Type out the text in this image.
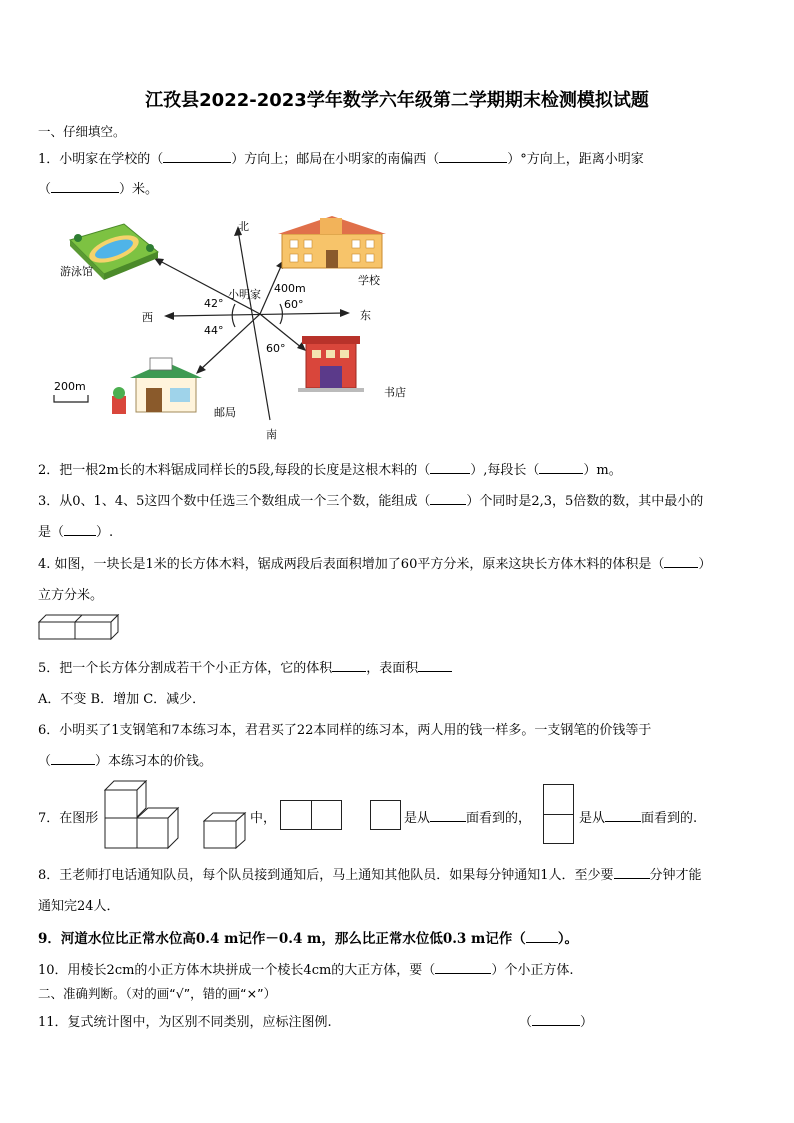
江孜县2022-2023学年数学六年级第二学期期末检测模拟试题
一、仔细填空。
1．小明家在学校的（	）方向上；邮局在小明家的南偏西（	）°方向上，距离小明家
（	）米。
北
南
东
西
小明家
游泳馆
学校
书店
邮局
400m
42°
44°
60°
60°
200m
2．把一根2m长的木料锯成同样长的5段,每段的长度是这根木料的（	）,每段长（	）m。
3．从0、1、4、5这四个数中任选三个数组成一个三个数，能组成（	）个同时是2,3，5倍数的数，其中最小的
是（ ）.
4. 如图，一块长是1米的长方体木料，锯成两段后表面积增加了60平方分米，原来这块长方体木料的体积是（	）
立方分米。
5．把一个长方体分割成若干个小正方体，它的体积	，表面积
A．不变 B．增加 C．减少．
6．小明买了1支钢笔和7本练习本，君君买了22本同样的练习本，两人用的钱一样多。一支钢笔的价钱等于
（	）本练习本的价钱。
7．在图形	中，	是从	面看到的，	是从	面看到的.
8．王老师打电话通知队员，每个队员接到通知后，马上通知其他队员．如果每分钟通知1人．至少要	分钟才能
通知完24人．
9．河道水位比正常水位高0.4 m记作－0.4 m，那么比正常水位低0.3 m记作（ ）。
10．用棱长2cm的小正方体木块拼成一个棱长4cm的大正方体，要（	）个小正方体.
二、准确判断。（对的画“√”，错的画“×”）
11．复式统计图中，为区别不同类别，应标注图例.	（	）
